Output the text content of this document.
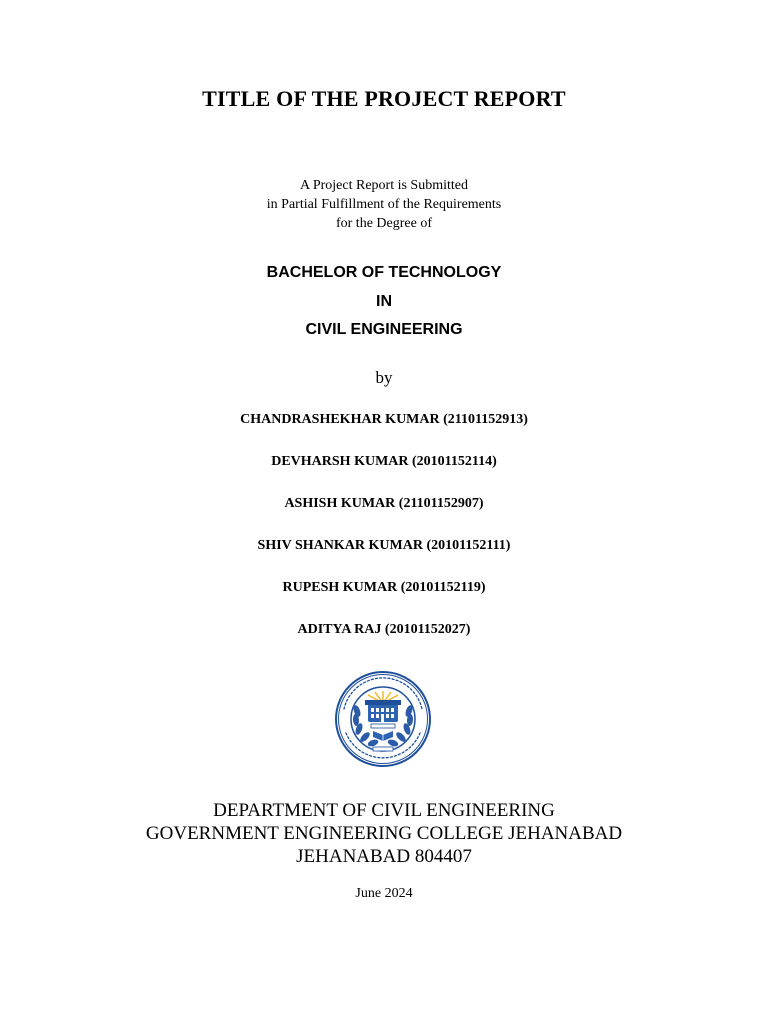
TITLE OF THE PROJECT REPORT
A Project Report is Submitted
in Partial Fulfillment of the Requirements
for the Degree of
BACHELOR OF TECHNOLOGY
IN
CIVIL ENGINEERING
by
CHANDRASHEKHAR KUMAR (21101152913)
DEVHARSH KUMAR (20101152114)
ASHISH KUMAR (21101152907)
SHIV SHANKAR KUMAR (20101152111)
RUPESH KUMAR (20101152119)
ADITYA RAJ (20101152027)
DEPARTMENT OF CIVIL ENGINEERING
GOVERNMENT ENGINEERING COLLEGE JEHANABAD
JEHANABAD 804407
June 2024
